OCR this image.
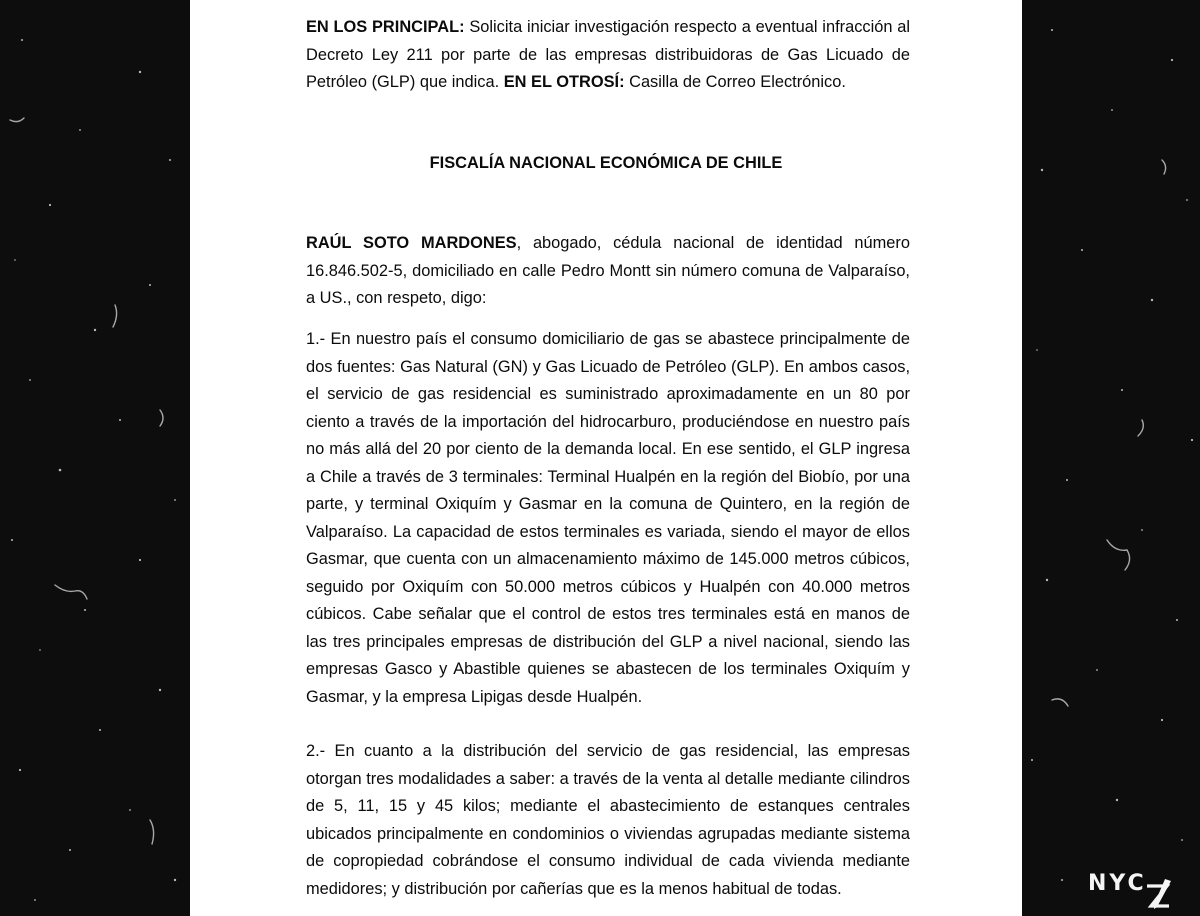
EN LOS PRINCIPAL: Solicita iniciar investigación respecto a eventual infracción al Decreto Ley 211 por parte de las empresas distribuidoras de Gas Licuado de Petróleo (GLP) que indica. EN EL OTROSÍ: Casilla de Correo Electrónico.

FISCALÍA NACIONAL ECONÓMICA DE CHILE

RAÚL SOTO MARDONES, abogado, cédula nacional de identidad número 16.846.502-5, domiciliado en calle Pedro Montt sin número comuna de Valparaíso, a US., con respeto, digo:

1.- En nuestro país el consumo domiciliario de gas se abastece principalmente de dos fuentes: Gas Natural (GN) y Gas Licuado de Petróleo (GLP). En ambos casos, el servicio de gas residencial es suministrado aproximadamente en un 80 por ciento a través de la importación del hidrocarburo, produciéndose en nuestro país no más allá del 20 por ciento de la demanda local. En ese sentido, el GLP ingresa a Chile a través de 3 terminales: Terminal Hualpén en la región del Biobío, por una parte, y terminal Oxiquím y Gasmar en la comuna de Quintero, en la región de Valparaíso. La capacidad de estos terminales es variada, siendo el mayor de ellos Gasmar, que cuenta con un almacenamiento máximo de 145.000 metros cúbicos, seguido por Oxiquím con 50.000 metros cúbicos y Hualpén con 40.000 metros cúbicos. Cabe señalar que el control de estos tres terminales está en manos de las tres principales empresas de distribución del GLP a nivel nacional, siendo las empresas Gasco y Abastible quienes se abastecen de los terminales Oxiquím y Gasmar, y la empresa Lipigas desde Hualpén.

2.- En cuanto a la distribución del servicio de gas residencial, las empresas otorgan tres modalidades a saber: a través de la venta al detalle mediante cilindros de 5, 11, 15 y 45 kilos; mediante el abastecimiento de estanques centrales ubicados principalmente en condominios o viviendas agrupadas mediante sistema de copropiedad cobrándose el consumo individual de cada vivienda mediante medidores; y distribución por cañerías que es la menos habitual de todas.	NYC
